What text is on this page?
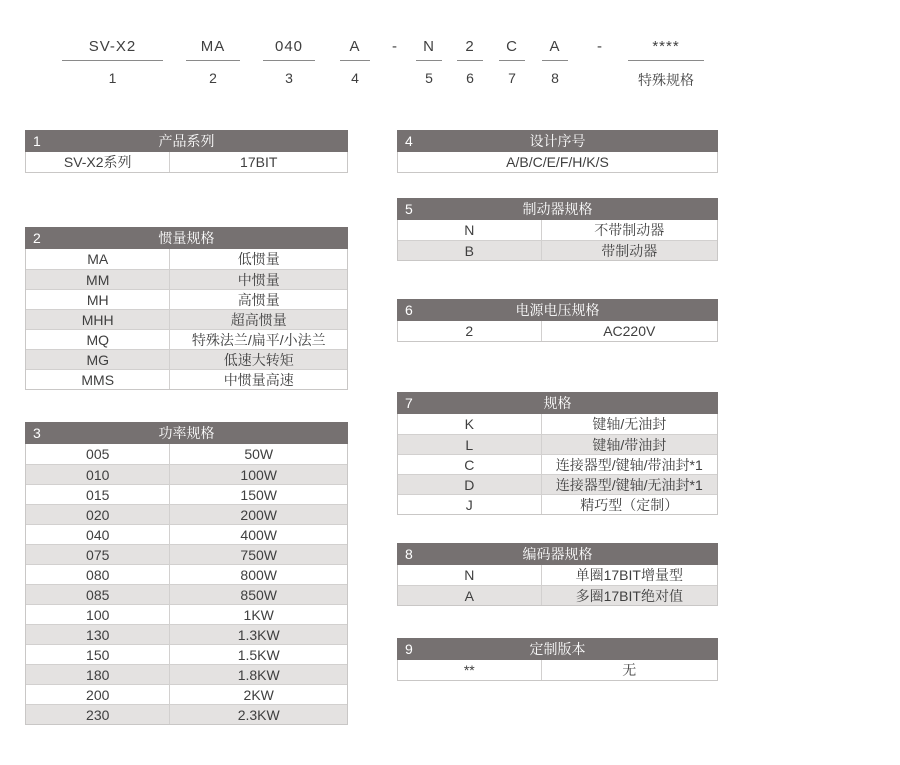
SV-X2
1
MA
2
040
3
A
4
-	N
5
2
6
C
7
A
8
-	****
特殊规格
1	产品系列
SV-X2系列	17BIT
2	惯量规格
MA	低惯量
MM	中惯量
MH	高惯量
MHH	超高惯量
MQ	特殊法兰/扁平/小法兰
MG	低速大转矩
MMS	中惯量高速
3	功率规格
005	50W
010	100W
015	150W
020	200W
040	400W
075	750W
080	800W
085	850W
100	1KW
130	1.3KW
150	1.5KW
180	1.8KW
200	2KW
230	2.3KW
4	设计序号
A/B/C/E/F/H/K/S
5	制动器规格
N	不带制动器
B	带制动器
6	电源电压规格
2	AC220V
7	规格
K	键轴/无油封
L	键轴/带油封
C	连接器型/键轴/带油封*1
D	连接器型/键轴/无油封*1
J	精巧型（定制）
8	编码器规格
N	单圈17BIT增量型
A	多圈17BIT绝对值
9	定制版本
**	无
